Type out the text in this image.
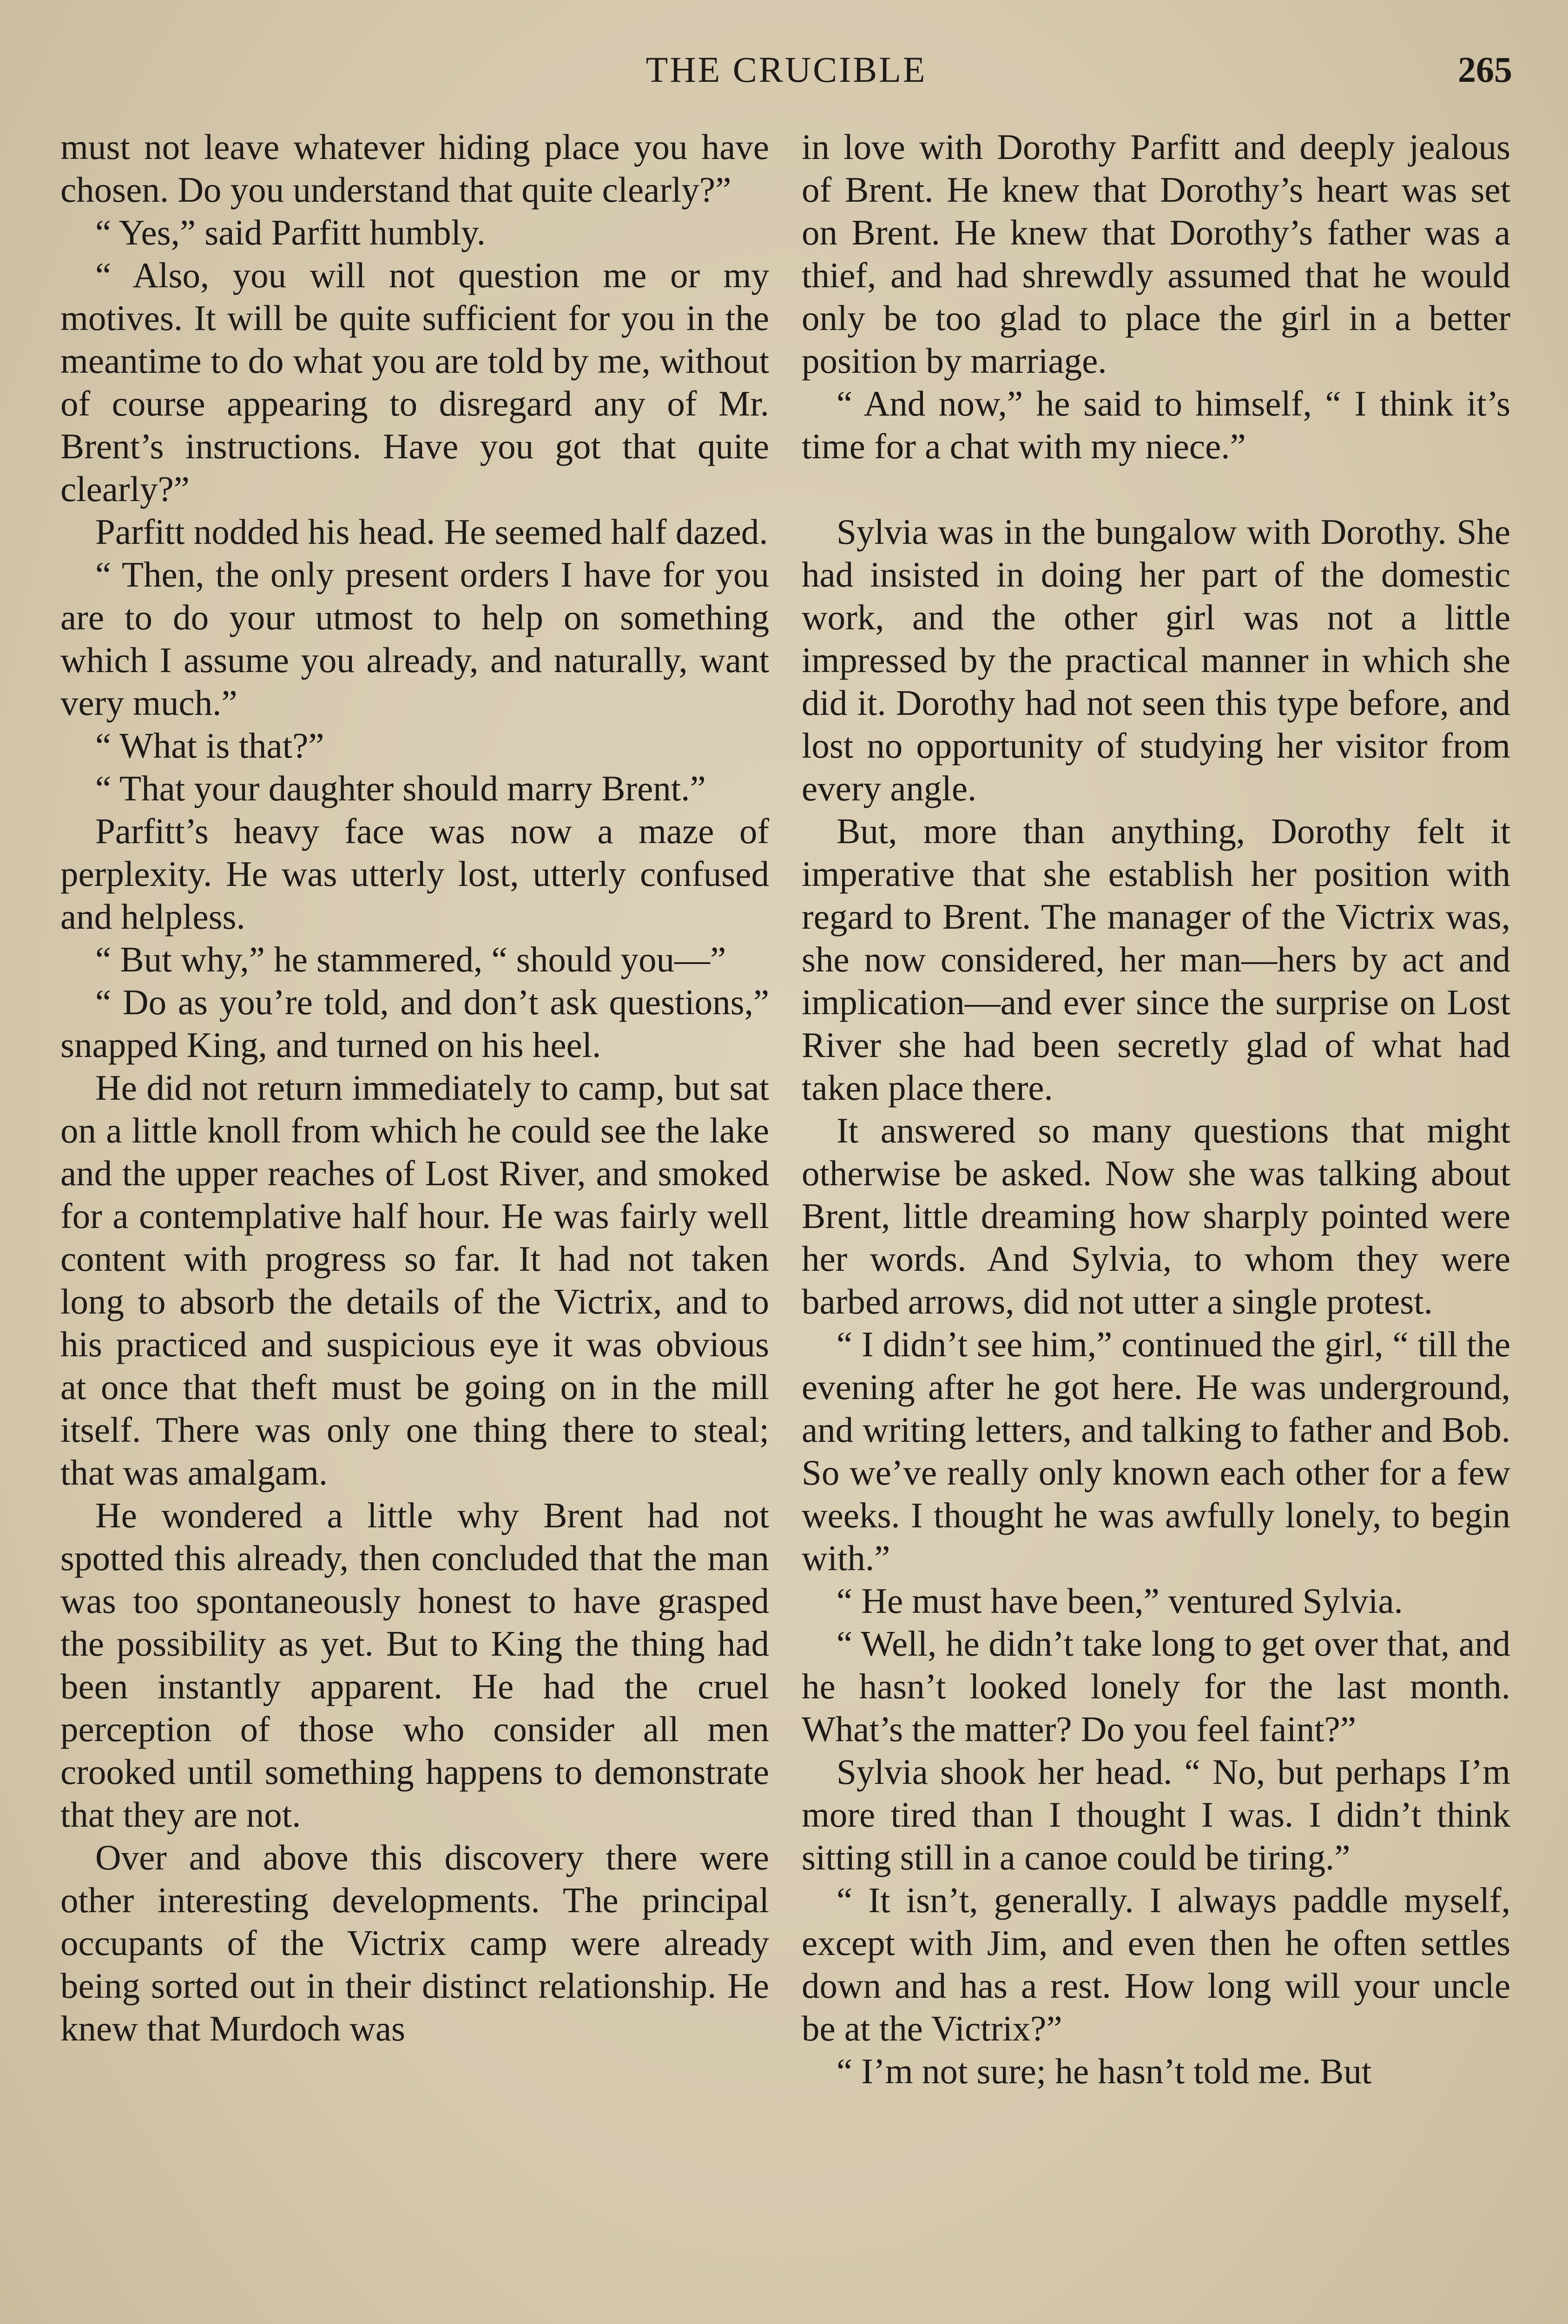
THE CRUCIBLE	265

must not leave whatever hiding place you have chosen. Do you understand that quite clearly?”

“ Yes,” said Parfitt humbly.

“ Also, you will not question me or my motives. It will be quite sufficient for you in the meantime to do what you are told by me, without of course appearing to disregard any of Mr. Brent’s instructions. Have you got that quite clearly?”

Parfitt nodded his head. He seemed half dazed.

“ Then, the only present orders I have for you are to do your utmost to help on something which I assume you already, and naturally, want very much.”

“ What is that?”

“ That your daughter should marry Brent.”

Parfitt’s heavy face was now a maze of perplexity. He was utterly lost, utterly confused and helpless.

“ But why,” he stammered, “ should you—”

“ Do as you’re told, and don’t ask questions,” snapped King, and turned on his heel.

He did not return immediately to camp, but sat on a little knoll from which he could see the lake and the upper reaches of Lost River, and smoked for a contemplative half hour. He was fairly well content with progress so far. It had not taken long to absorb the details of the Victrix, and to his practiced and suspicious eye it was obvious at once that theft must be going on in the mill itself. There was only one thing there to steal; that was amalgam.

He wondered a little why Brent had not spotted this already, then concluded that the man was too spontaneously honest to have grasped the possibility as yet. But to King the thing had been instantly apparent. He had the cruel perception of those who consider all men crooked until something happens to demonstrate that they are not.

Over and above this discovery there were other interesting developments. The principal occupants of the Victrix camp were already being sorted out in their distinct relationship. He knew that Murdoch was

in love with Dorothy Parfitt and deeply jealous of Brent. He knew that Dorothy’s heart was set on Brent. He knew that Dorothy’s father was a thief, and had shrewdly assumed that he would only be too glad to place the girl in a better position by marriage.

“ And now,” he said to himself, “ I think it’s time for a chat with my niece.”

Sylvia was in the bungalow with Dorothy. She had insisted in doing her part of the domestic work, and the other girl was not a little impressed by the practical manner in which she did it. Dorothy had not seen this type before, and lost no opportunity of studying her visitor from every angle.

But, more than anything, Dorothy felt it imperative that she establish her position with regard to Brent. The manager of the Victrix was, she now considered, her man—hers by act and implication—and ever since the surprise on Lost River she had been secretly glad of what had taken place there.

It answered so many questions that might otherwise be asked. Now she was talking about Brent, little dreaming how sharply pointed were her words. And Sylvia, to whom they were barbed arrows, did not utter a single protest.

“ I didn’t see him,” continued the girl, “ till the evening after he got here. He was underground, and writing letters, and talking to father and Bob. So we’ve really only known each other for a few weeks. I thought he was awfully lonely, to begin with.”

“ He must have been,” ventured Sylvia.

“ Well, he didn’t take long to get over that, and he hasn’t looked lonely for the last month. What’s the matter? Do you feel faint?”

Sylvia shook her head. “ No, but perhaps I’m more tired than I thought I was. I didn’t think sitting still in a canoe could be tiring.”

“ It isn’t, generally. I always paddle myself, except with Jim, and even then he often settles down and has a rest. How long will your uncle be at the Victrix?”

“ I’m not sure; he hasn’t told me. But
